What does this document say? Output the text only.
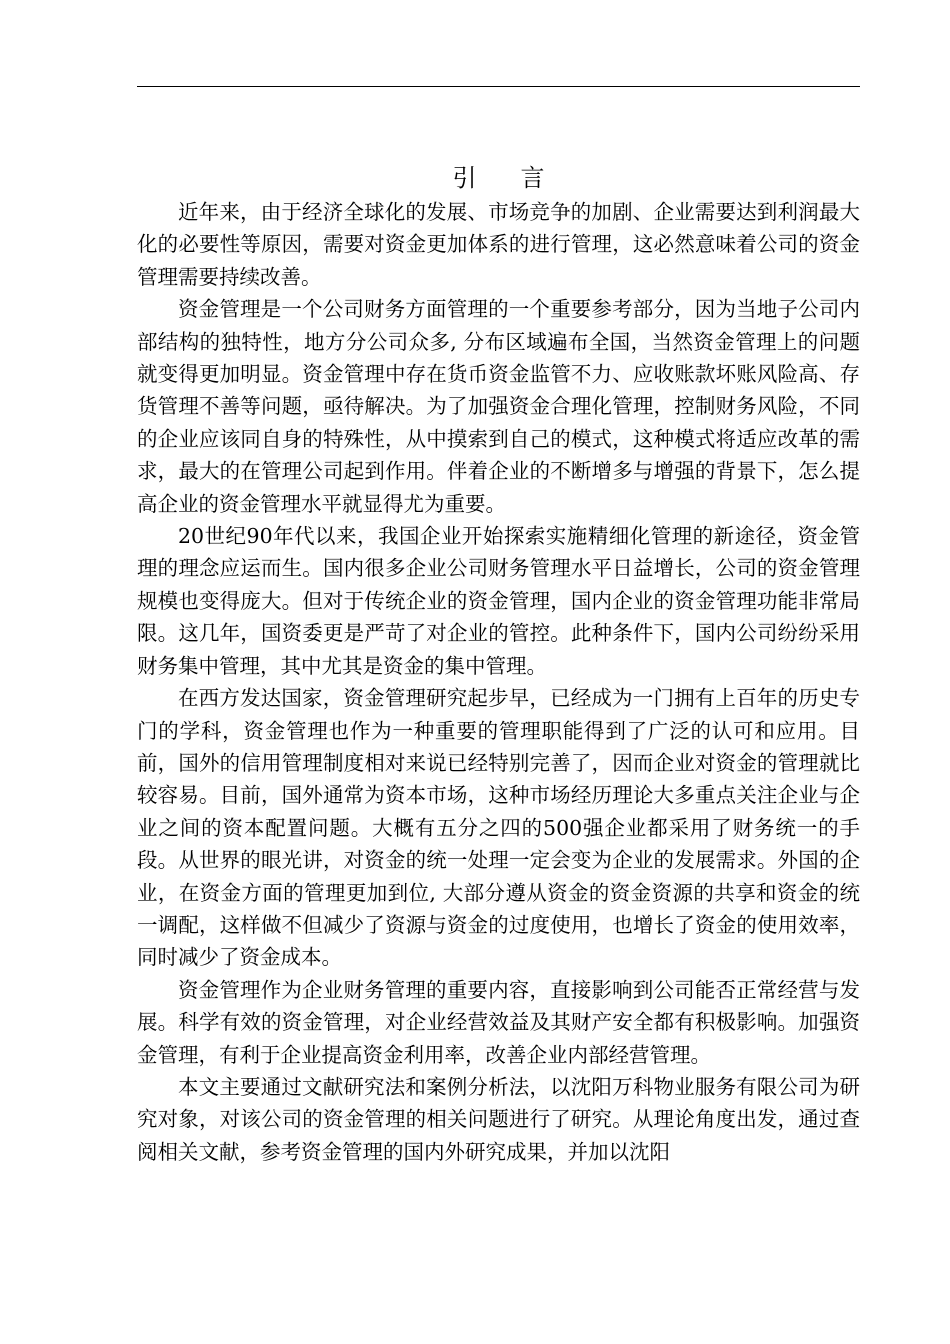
引言

近年来，由于经济全球化的发展、市场竞争的加剧、企业需要达到利润最大化的必要性等原因，需要对资金更加体系的进行管理，这必然意味着公司的资金管理需要持续改善。

资金管理是一个公司财务方面管理的一个重要参考部分，因为当地子公司内部结构的独特性，地方分公司众多, 分布区域遍布全国，当然资金管理上的问题就变得更加明显。资金管理中存在货币资金监管不力、应收账款坏账风险高、存货管理不善等问题，亟待解决。为了加强资金合理化管理，控制财务风险，不同的企业应该同自身的特殊性，从中摸索到自己的模式，这种模式将适应改革的需求，最大的在管理公司起到作用。伴着企业的不断增多与增强的背景下，怎么提高企业的资金管理水平就显得尤为重要。

20世纪90年代以来，我国企业开始探索实施精细化管理的新途径，资金管理的理念应运而生。国内很多企业公司财务管理水平日益增长，公司的资金管理规模也变得庞大。但对于传统企业的资金管理，国内企业的资金管理功能非常局限。这几年，国资委更是严苛了对企业的管控。此种条件下，国内公司纷纷采用财务集中管理，其中尤其是资金的集中管理。

在西方发达国家，资金管理研究起步早，已经成为一门拥有上百年的历史专门的学科，资金管理也作为一种重要的管理职能得到了广泛的认可和应用。目前，国外的信用管理制度相对来说已经特别完善了，因而企业对资金的管理就比较容易。目前，国外通常为资本市场，这种市场经历理论大多重点关注企业与企业之间的资本配置问题。大概有五分之四的500强企业都采用了财务统一的手段。从世界的眼光讲，对资金的统一处理一定会变为企业的发展需求。外国的企业，在资金方面的管理更加到位, 大部分遵从资金的资金资源的共享和资金的统一调配，这样做不但减少了资源与资金的过度使用，也增长了资金的使用效率，同时减少了资金成本。

资金管理作为企业财务管理的重要内容，直接影响到公司能否正常经营与发展。科学有效的资金管理，对企业经营效益及其财产安全都有积极影响。加强资金管理，有利于企业提高资金利用率，改善企业内部经营管理。

本文主要通过文献研究法和案例分析法，以沈阳万科物业服务有限公司为研究对象，对该公司的资金管理的相关问题进行了研究。从理论角度出发，通过查阅相关文献，参考资金管理的国内外研究成果，并加以沈阳
